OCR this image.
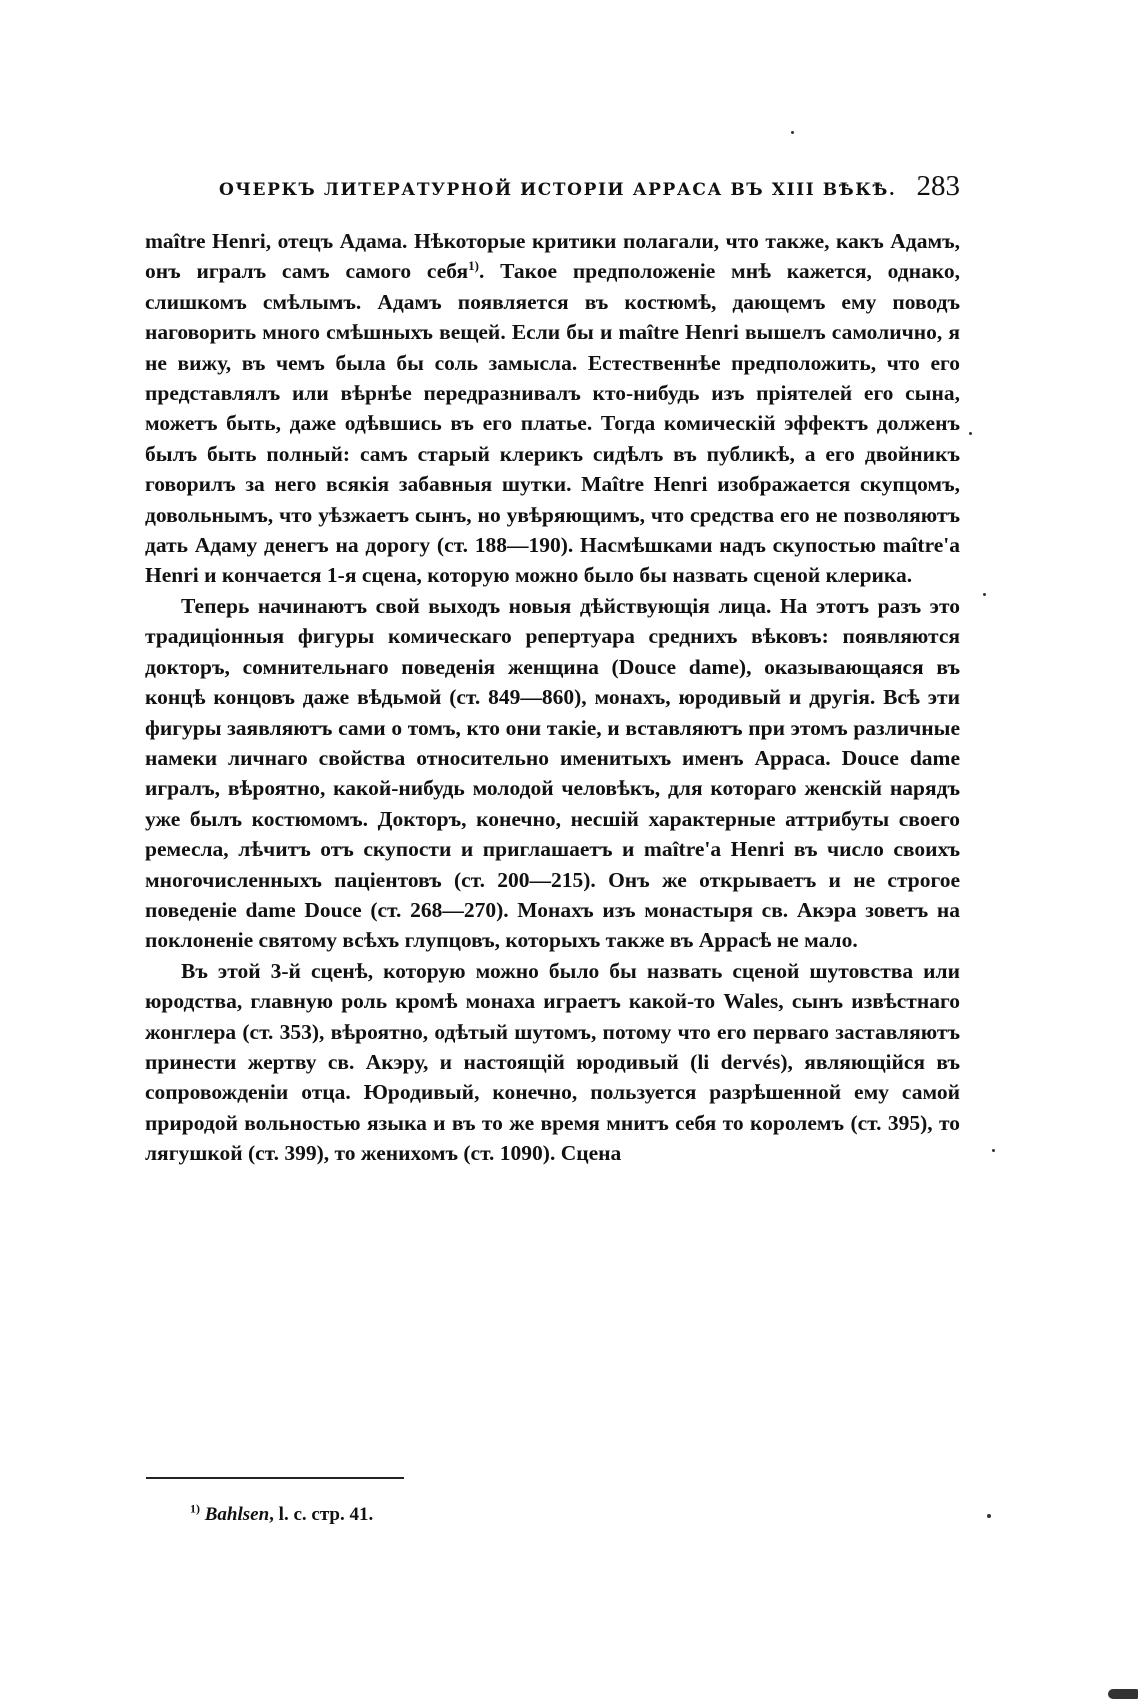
ОЧЕРКЪ ЛИТЕРАТУРНОЙ ИСТОРІИ АРРАСА ВЪ XIII ВѢКѢ. 283

maître Henri, отецъ Адама. Нѣкоторые критики полагали, что также, какъ Адамъ, онъ игралъ самъ самого себя$^{1)}$. Такое предположеніе мнѣ кажется, однако, слишкомъ смѣлымъ. Адамъ появляется въ костюмѣ, дающемъ ему поводъ наговорить много смѣшныхъ вещей. Если бы и maître Henri вышелъ самолично, я не вижу, въ чемъ была бы соль замысла. Естественнѣе предположить, что его представлялъ или вѣрнѣе передразнивалъ кто-нибудь изъ пріятелей его сына, можетъ быть, даже одѣвшись въ его платье. Тогда комическій эффектъ долженъ былъ быть полный: самъ старый клерикъ сидѣлъ въ публикѣ, а его двойникъ говорилъ за него всякія забавныя шутки. Maître Henri изображается скупцомъ, довольнымъ, что уѣзжаетъ сынъ, но увѣряющимъ, что средства его не позволяютъ дать Адаму денегъ на дорогу (ст. 188—190). Насмѣшками надъ скупостью maître'a Henri и кончается 1-я сцена, которую можно было бы назвать сценой клерика.

Теперь начинаютъ свой выходъ новыя дѣйствующія лица. На этотъ разъ это традиціонныя фигуры комическаго репертуара среднихъ вѣковъ: появляются докторъ, сомнительнаго поведенія женщина (Douce dame), оказывающаяся въ концѣ концовъ даже вѣдьмой (ст. 849—860), монахъ, юродивый и другія. Всѣ эти фигуры заявляютъ сами о томъ, кто они такіе, и вставляютъ при этомъ различные намеки личнаго свойства относительно именитыхъ именъ Арраса. Douce dame игралъ, вѣроятно, какой-нибудь молодой человѣкъ, для котораго женскій нарядъ уже былъ костюмомъ. Докторъ, конечно, несшій характерные аттрибуты своего ремесла, лѣчитъ отъ скупости и приглашаетъ и maître'a Henri въ число своихъ многочисленныхъ паціентовъ (ст. 200—215). Онъ же открываетъ и не строгое поведеніе dame Douce (ст. 268—270). Монахъ изъ монастыря св. Акэра зоветъ на поклоненіе святому всѣхъ глупцовъ, которыхъ также въ Аррасѣ не мало.

Въ этой 3-й сценѣ, которую можно было бы назвать сценой шутовства или юродства, главную роль кромѣ монаха играетъ какой-то Wales, сынъ извѣстнаго жонглера (ст. 353), вѣроятно, одѣтый шутомъ, потому что его перваго заставляютъ принести жертву св. Акэру, и настоящій юродивый (li dervés), являющійся въ сопровожденіи отца. Юродивый, конечно, пользуется разрѣшенной ему самой природой вольностью языка и въ то же время мнитъ себя то королемъ (ст. 395), то лягушкой (ст. 399), то женихомъ (ст. 1090). Сцена

$^{1)}$ Bahlsen, l. c. стр. 41.
